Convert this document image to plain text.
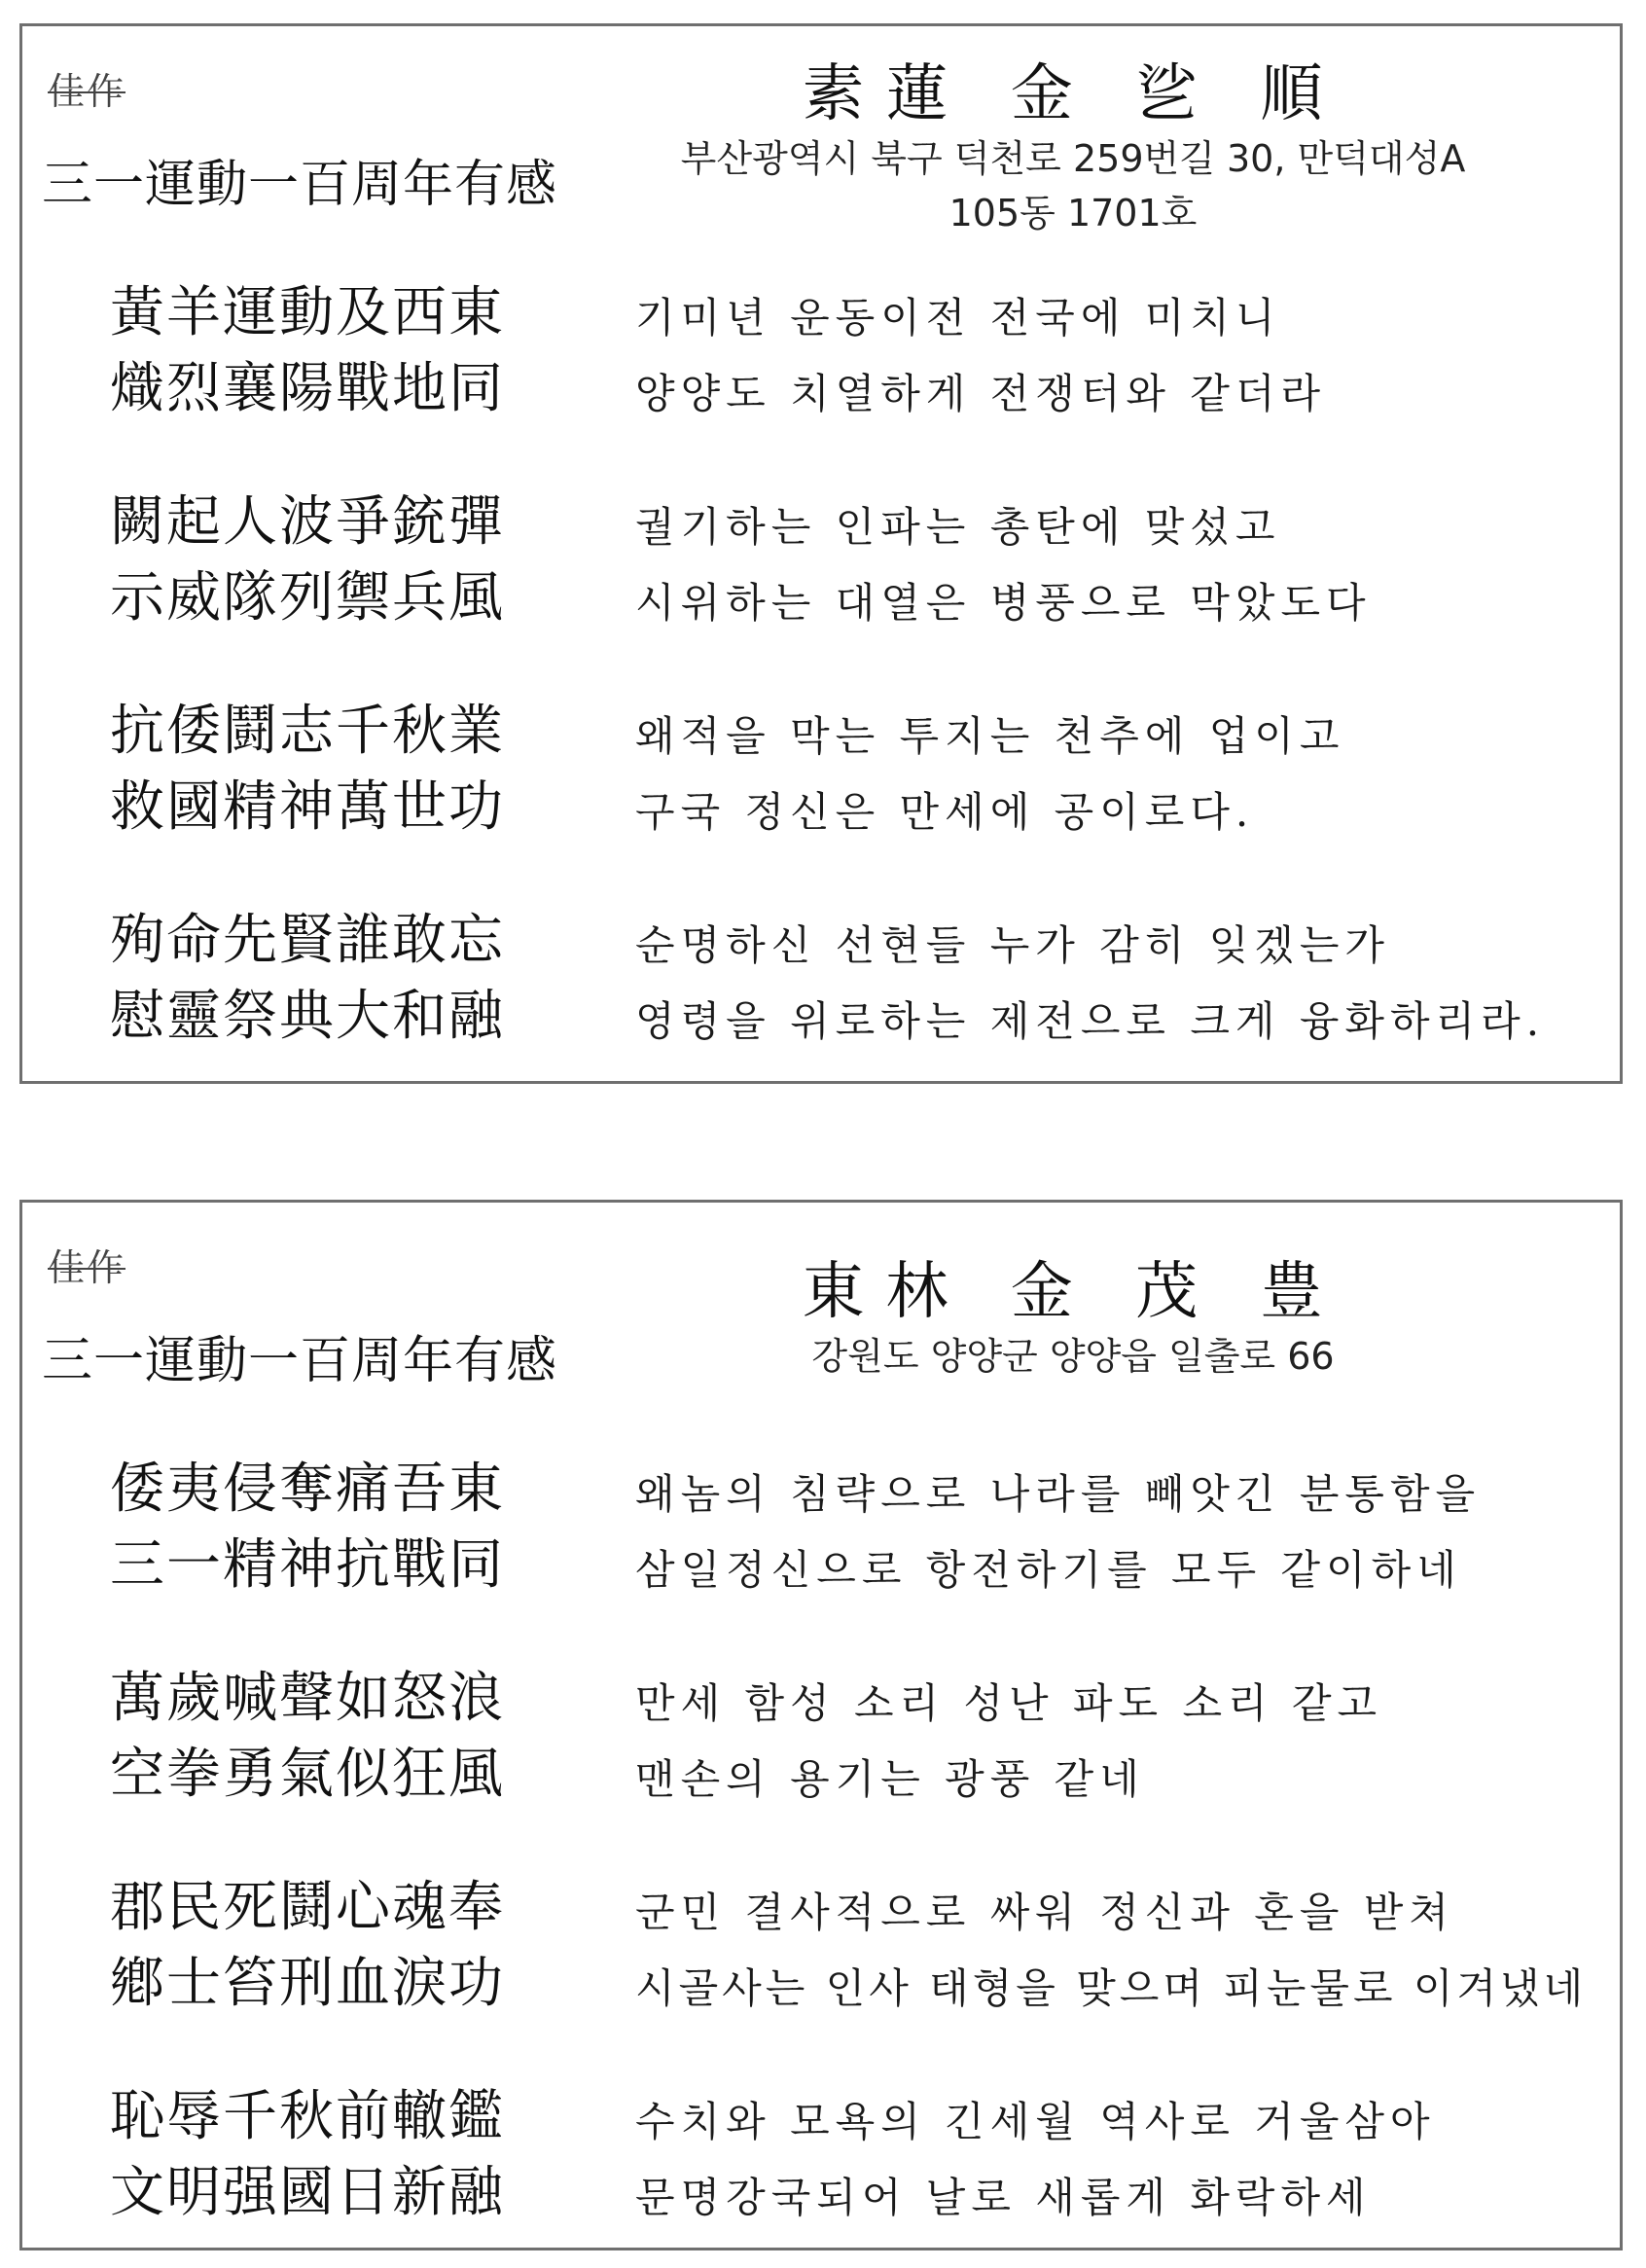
佳作
三一運動一百周年有感
素蓮 金 乷 順
부산광역시 북구 덕천로 259번길 30, 만덕대성A
105동 1701호
黃羊運動及西東	기미년 운동이전 전국에 미치니
熾烈襄陽戰地同	양양도 치열하게 전쟁터와 같더라
闕起人波爭銃彈	궐기하는 인파는 총탄에 맞섰고
示威隊列禦兵風	시위하는 대열은 병풍으로 막았도다
抗倭鬪志千秋業	왜적을 막는 투지는 천추에 업이고
救國精神萬世功	구국 정신은 만세에 공이로다.
殉命先賢誰敢忘	순명하신 선현들 누가 감히 잊겠는가
慰靈祭典大和融	영령을 위로하는 제전으로 크게 융화하리라.
佳作
三一運動一百周年有感
東林 金 茂 豊
강원도 양양군 양양읍 일출로 66
倭夷侵奪痛吾東	왜놈의 침략으로 나라를 빼앗긴 분통함을
三一精神抗戰同	삼일정신으로 항전하기를 모두 같이하네
萬歲喊聲如怒浪	만세 함성 소리 성난 파도 소리 같고
空拳勇氣似狂風	맨손의 용기는 광풍 같네
郡民死鬪心魂奉	군민 결사적으로 싸워 정신과 혼을 받쳐
鄕士笞刑血淚功	시골사는 인사 태형을 맞으며 피눈물로 이겨냈네
恥辱千秋前轍鑑	수치와 모욕의 긴세월 역사로 거울삼아
文明强國日新融	문명강국되어 날로 새롭게 화락하세
